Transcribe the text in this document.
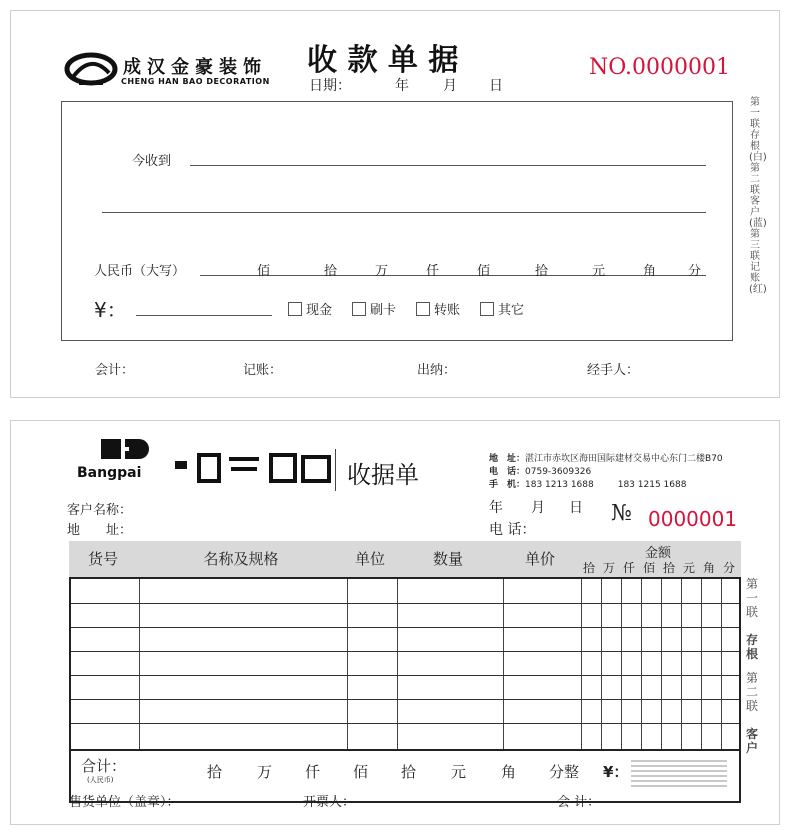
成汉金豪装饰
CHENG HAN BAO DECORATION
收 款 单 据
日期：	年 月 日
NO.0000001
今收到
人民币（大写）	佰	拾	万	仟	佰	拾	元	角 分
¥：	现金	刷卡	转账	其它
第一联存根(白) 第二联客户(蓝) 第三联记账(红)
会计：	记账：	出纳：	经手人：
Bangpai	收据单
地　址：湛江市赤坎区海田国际建材交易中心东门二楼B70
电　话：0759-3609326
手　机：183 1213 1688	183 1215 1688
客户名称：
地　　址：
年 月 日
电 话：
№ 0000001
货号	名称及规格	单位	数量	单价	金额
拾 万 仟 佰 拾 元 角 分
合计：
(人民币)	拾 万 仟 佰 拾 元 角 分整 ¥：
第一联
存根
第二联
客户
售货单位（盖章）：	开票人：	会 计：
